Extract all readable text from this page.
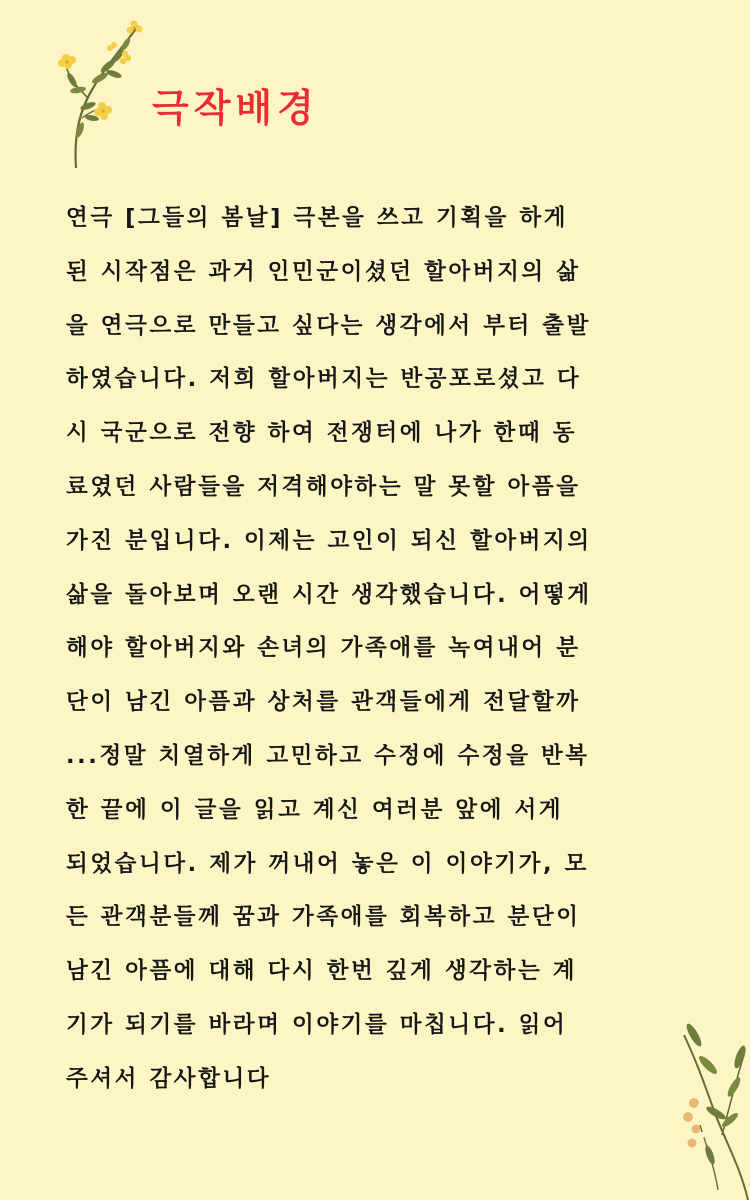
극작배경
연극 [그들의 봄날] 극본을 쓰고 기획을 하게
된 시작점은 과거 인민군이셨던 할아버지의 삶
을 연극으로 만들고 싶다는 생각에서 부터 출발
하였습니다. 저희 할아버지는 반공포로셨고 다
시 국군으로 전향 하여 전쟁터에 나가 한때 동
료였던 사람들을 저격해야하는 말 못할 아픔을
가진 분입니다. 이제는 고인이 되신 할아버지의
삶을 돌아보며 오랜 시간 생각했습니다. 어떻게
해야 할아버지와 손녀의 가족애를 녹여내어 분
단이 남긴 아픔과 상처를 관객들에게 전달할까
...정말 치열하게 고민하고 수정에 수정을 반복
한 끝에 이 글을 읽고 계신 여러분 앞에 서게
되었습니다. 제가 꺼내어 놓은 이 이야기가, 모
든 관객분들께 꿈과 가족애를 회복하고 분단이
남긴 아픔에 대해 다시 한번 깊게 생각하는 계
기가 되기를 바라며 이야기를 마칩니다. 읽어
주셔서 감사합니다
